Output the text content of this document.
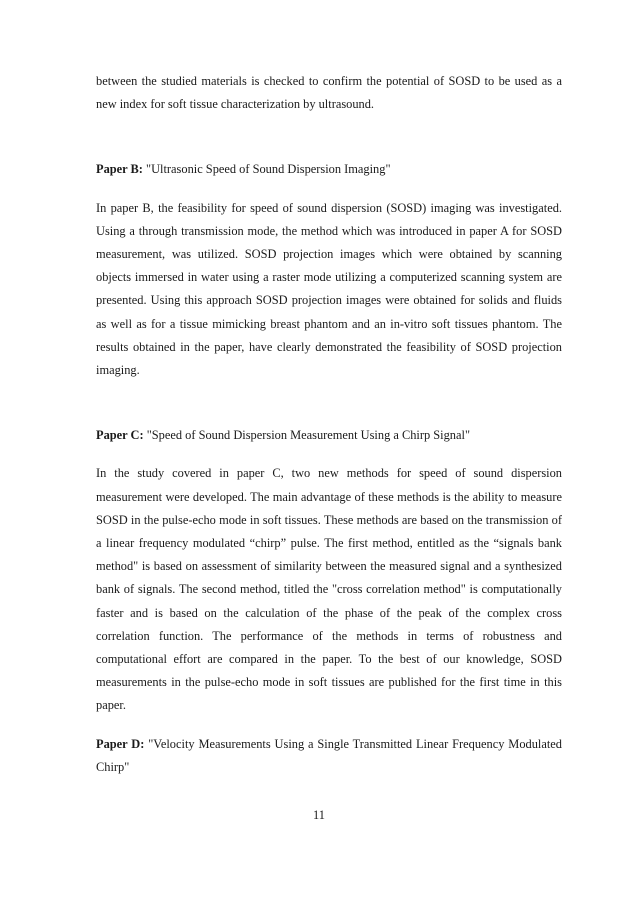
between the studied materials is checked to confirm the potential of SOSD to be used as a new index for soft tissue characterization by ultrasound.

Paper B: "Ultrasonic Speed of Sound Dispersion Imaging"

In paper B, the feasibility for speed of sound dispersion (SOSD) imaging was investigated. Using a through transmission mode, the method which was introduced in paper A for SOSD measurement, was utilized. SOSD projection images which were obtained by scanning objects immersed in water using a raster mode utilizing a computerized scanning system are presented. Using this approach SOSD projection images were obtained for solids and fluids as well as for a tissue mimicking breast phantom and an in-vitro soft tissues phantom. The results obtained in the paper, have clearly demonstrated the feasibility of SOSD projection imaging.

Paper C: "Speed of Sound Dispersion Measurement Using a Chirp Signal"

In the study covered in paper C, two new methods for speed of sound dispersion measurement were developed. The main advantage of these methods is the ability to measure SOSD in the pulse-echo mode in soft tissues. These methods are based on the transmission of a linear frequency modulated “chirp” pulse. The first method, entitled as the “signals bank method" is based on assessment of similarity between the measured signal and a synthesized bank of signals. The second method, titled the "cross correlation method" is computationally faster and is based on the calculation of the phase of the peak of the complex cross correlation function. The performance of the methods in terms of robustness and computational effort are compared in the paper. To the best of our knowledge, SOSD measurements in the pulse-echo mode in soft tissues are published for the first time in this paper.

Paper D: "Velocity Measurements Using a Single Transmitted Linear Frequency Modulated Chirp"

11
